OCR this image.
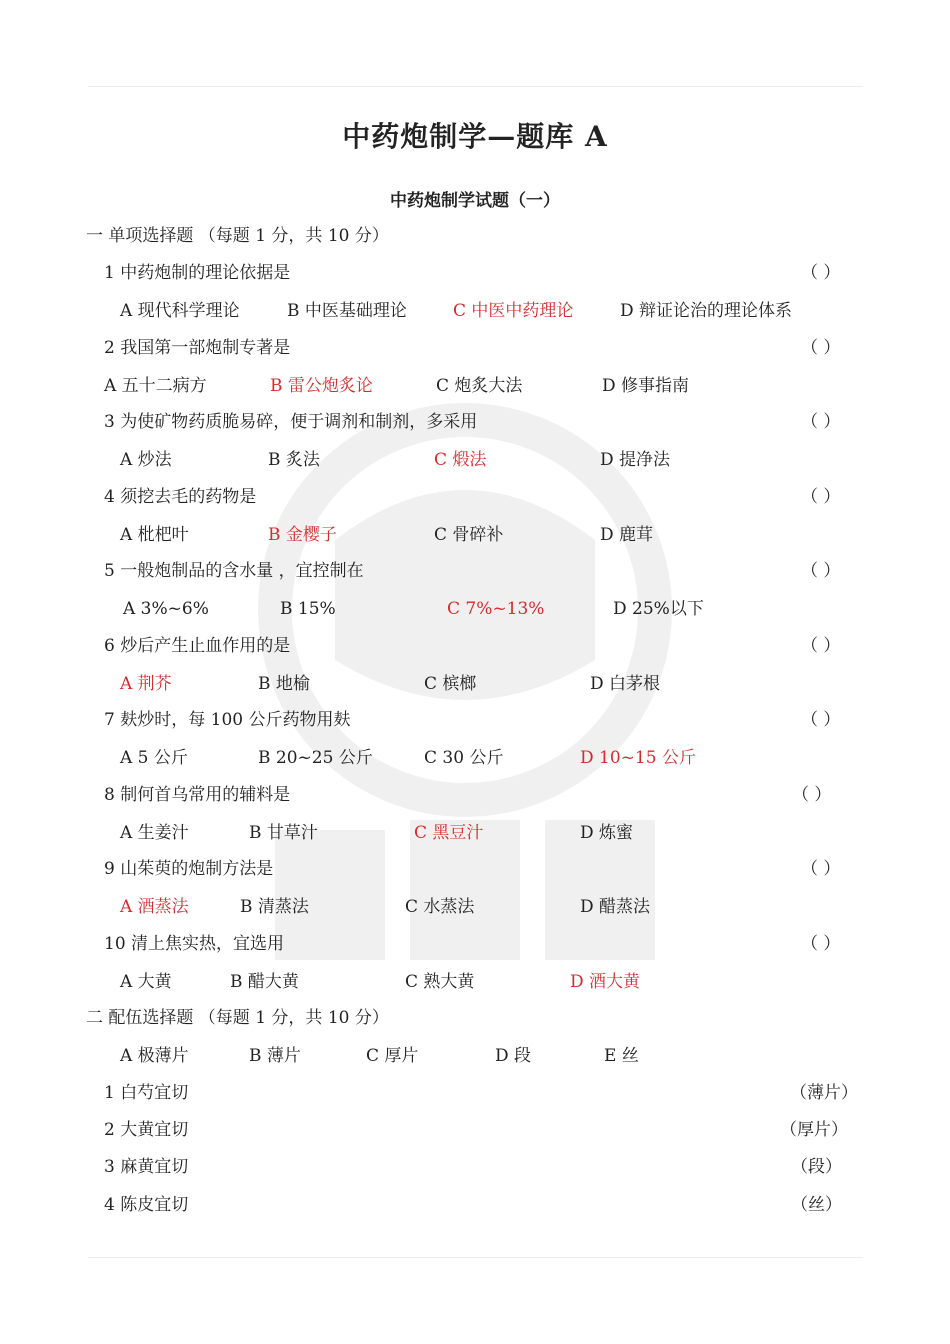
中药炮制学—题库 A
中药炮制学试题（一）
一 单项选择题 （每题 1 分，共 10 分）
1 中药炮制的理论依据是	（ ）
A 现代科学理论	B 中医基础理论	C 中医中药理论	D 辩证论治的理论体系
2 我国第一部炮制专著是	（ ）
A 五十二病方	B 雷公炮炙论	C 炮炙大法	D 修事指南
3 为使矿物药质脆易碎，便于调剂和制剂，多采用	（ ）
A 炒法	B 炙法	C 煅法	D 提净法
4 须挖去毛的药物是	（ ）
A 枇杷叶	B 金樱子	C 骨碎补	D 鹿茸
5 一般炮制品的含水量 ，宜控制在	（ ）
A 3%~6%	B 15%	C 7%~13%	D 25%以下
6 炒后产生止血作用的是	（ ）
A 荆芥	B 地榆	C 槟榔	D 白茅根
7 麸炒时，每 100 公斤药物用麸	（ ）
A 5 公斤	B 20~25 公斤	C 30 公斤	D 10~15 公斤
8 制何首乌常用的辅料是	（ ）
A 生姜汁	B 甘草汁	C 黑豆汁	D 炼蜜
9 山茱萸的炮制方法是	（ ）
A 酒蒸法	B 清蒸法	C 水蒸法	D 醋蒸法
10 清上焦实热，宜选用	（ ）
A 大黄	B 醋大黄	C 熟大黄	D 酒大黄
二 配伍选择题 （每题 1 分，共 10 分）
A 极薄片	B 薄片	C 厚片	D 段	E 丝
1 白芍宜切	（薄片）
2 大黄宜切	（厚片）
3 麻黄宜切	（段）
4 陈皮宜切	（丝）
